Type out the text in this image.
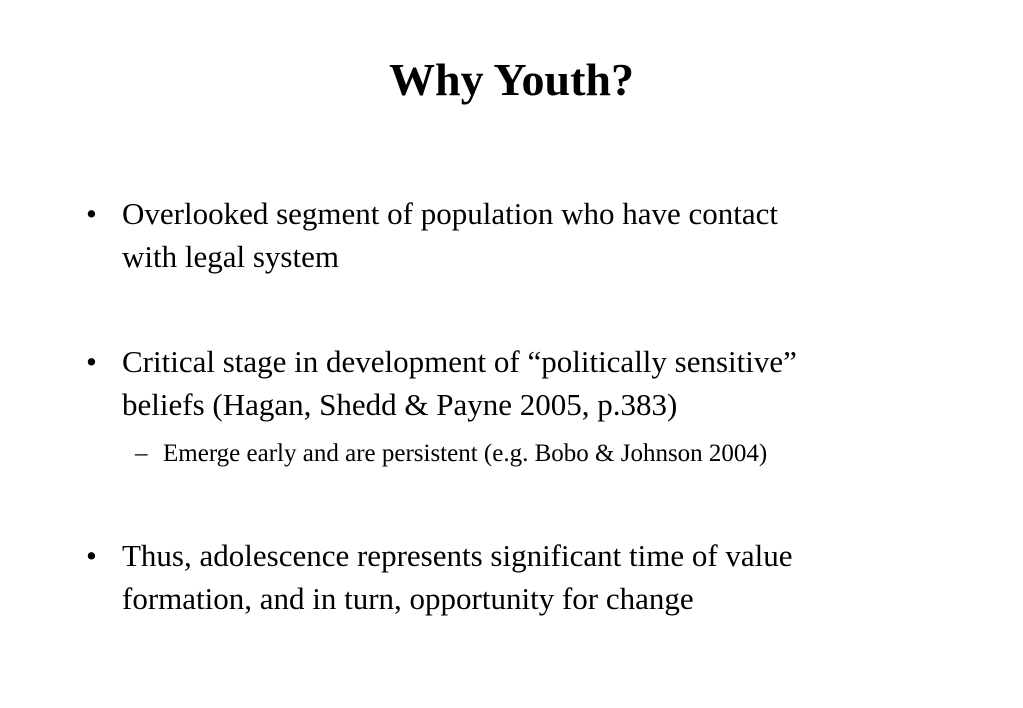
Why Youth?
• Overlooked segment of population who have contact
with legal system
• Critical stage in development of “politically sensitive”
beliefs (Hagan, Shedd & Payne 2005, p.383)
– Emerge early and are persistent (e.g. Bobo & Johnson 2004)
• Thus, adolescence represents significant time of value
formation, and in turn, opportunity for change
